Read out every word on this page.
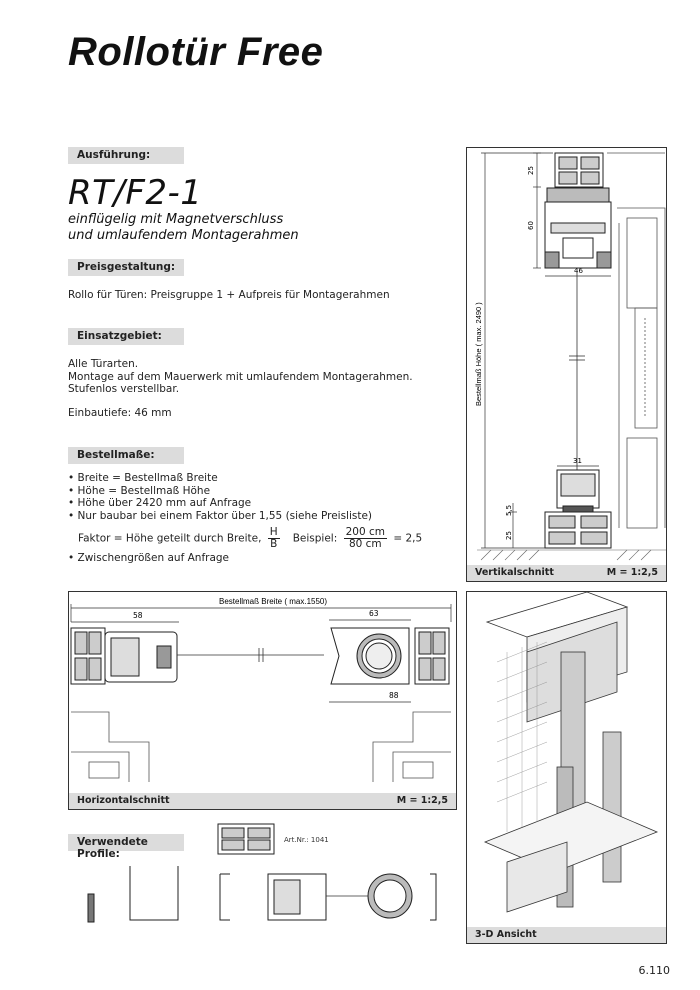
Rollotür Free
Ausführung:
RT/F2-1
einflügelig mit Magnetverschluss
und umlaufendem Montagerahmen
Preisgestaltung:
Rollo für Türen: Preisgruppe 1 + Aufpreis für Montagerahmen
Einsatzgebiet:
Alle Türarten.
Montage auf dem Mauerwerk mit umlaufendem Montagerahmen.
Stufenlos verstellbar.
Einbautiefe: 46 mm
Bestellmaße:
• Breite = Bestellmaß Breite
• Höhe = Bestellmaß Höhe
• Höhe über 2420 mm auf Anfrage
• Nur baubar bei einem Faktor über 1,55 (siehe Preisliste)
Faktor = Höhe geteilt durch Breite, $\frac{H}{B}$ Beispiel: $\frac{200 cm}{80 cm} = 2,5$
• Zwischengrößen auf Anfrage
25
60
46
Bestellmaß Höhe ( max. 2490 )
31
5,5
25
Vertikalschnitt	M = 1:2,5
Bestellmaß Breite ( max.1550)
58	63
88
Horizontalschnitt	M = 1:2,5
3-D Ansicht
Verwendete Profile:
Art.Nr.: 1041
6.110
